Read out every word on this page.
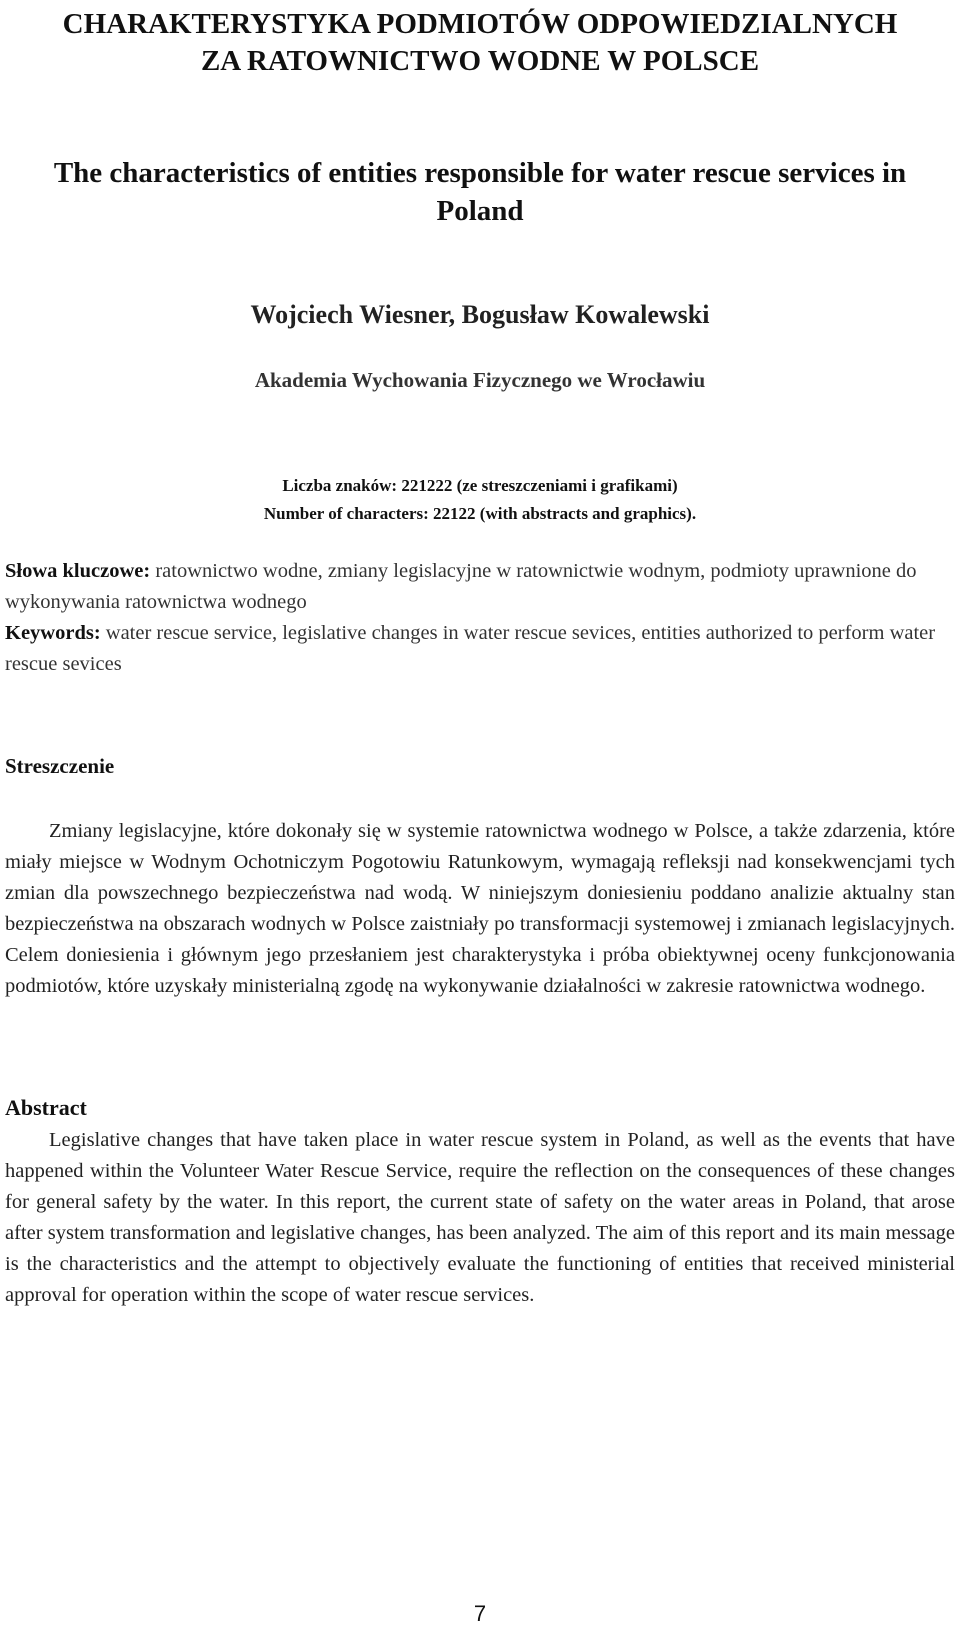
CHARAKTERYSTYKA PODMIOTÓW ODPOWIEDZIALNYCH ZA RATOWNICTWO WODNE W POLSCE
The characteristics of entities responsible for water rescue services in Poland
Wojciech Wiesner, Bogusław Kowalewski
Akademia Wychowania Fizycznego we Wrocławiu
Liczba znaków: 221222 (ze streszczeniami i grafikami)
Number of characters: 22122 (with abstracts and graphics).
Słowa kluczowe: ratownictwo wodne, zmiany legislacyjne w ratownictwie wodnym, podmioty uprawnione do wykonywania ratownictwa wodnego
Keywords: water rescue service, legislative changes in water rescue sevices, entities authorized to perform water rescue sevices
Streszczenie
Zmiany legislacyjne, które dokonały się w systemie ratownictwa wodnego w Polsce, a także zdarzenia, które miały miejsce w Wodnym Ochotniczym Pogotowiu Ratunkowym, wymagają refleksji nad konsekwencjami tych zmian dla powszechnego bezpieczeństwa nad wodą. W niniejszym doniesieniu poddano analizie aktualny stan bezpieczeństwa na obszarach wodnych w Polsce zaistniały po transformacji systemowej i zmianach legislacyjnych. Celem doniesienia i głównym jego przesłaniem jest charakterystyka i próba obiektywnej oceny funkcjonowania podmiotów, które uzyskały ministerialną zgodę na wykonywanie działalności w zakresie ratownictwa wodnego.
Abstract
Legislative changes that have taken place in water rescue system in Poland, as well as the events that have happened within the Volunteer Water Rescue Service, require the reflection on the consequences of these changes for general safety by the water. In this report, the current state of safety on the water areas in Poland, that arose after system transformation and legislative changes, has been analyzed. The aim of this report and its main message is the characteristics and the attempt to objectively evaluate the functioning of entities that received ministerial approval for operation within the scope of water rescue services.
7
